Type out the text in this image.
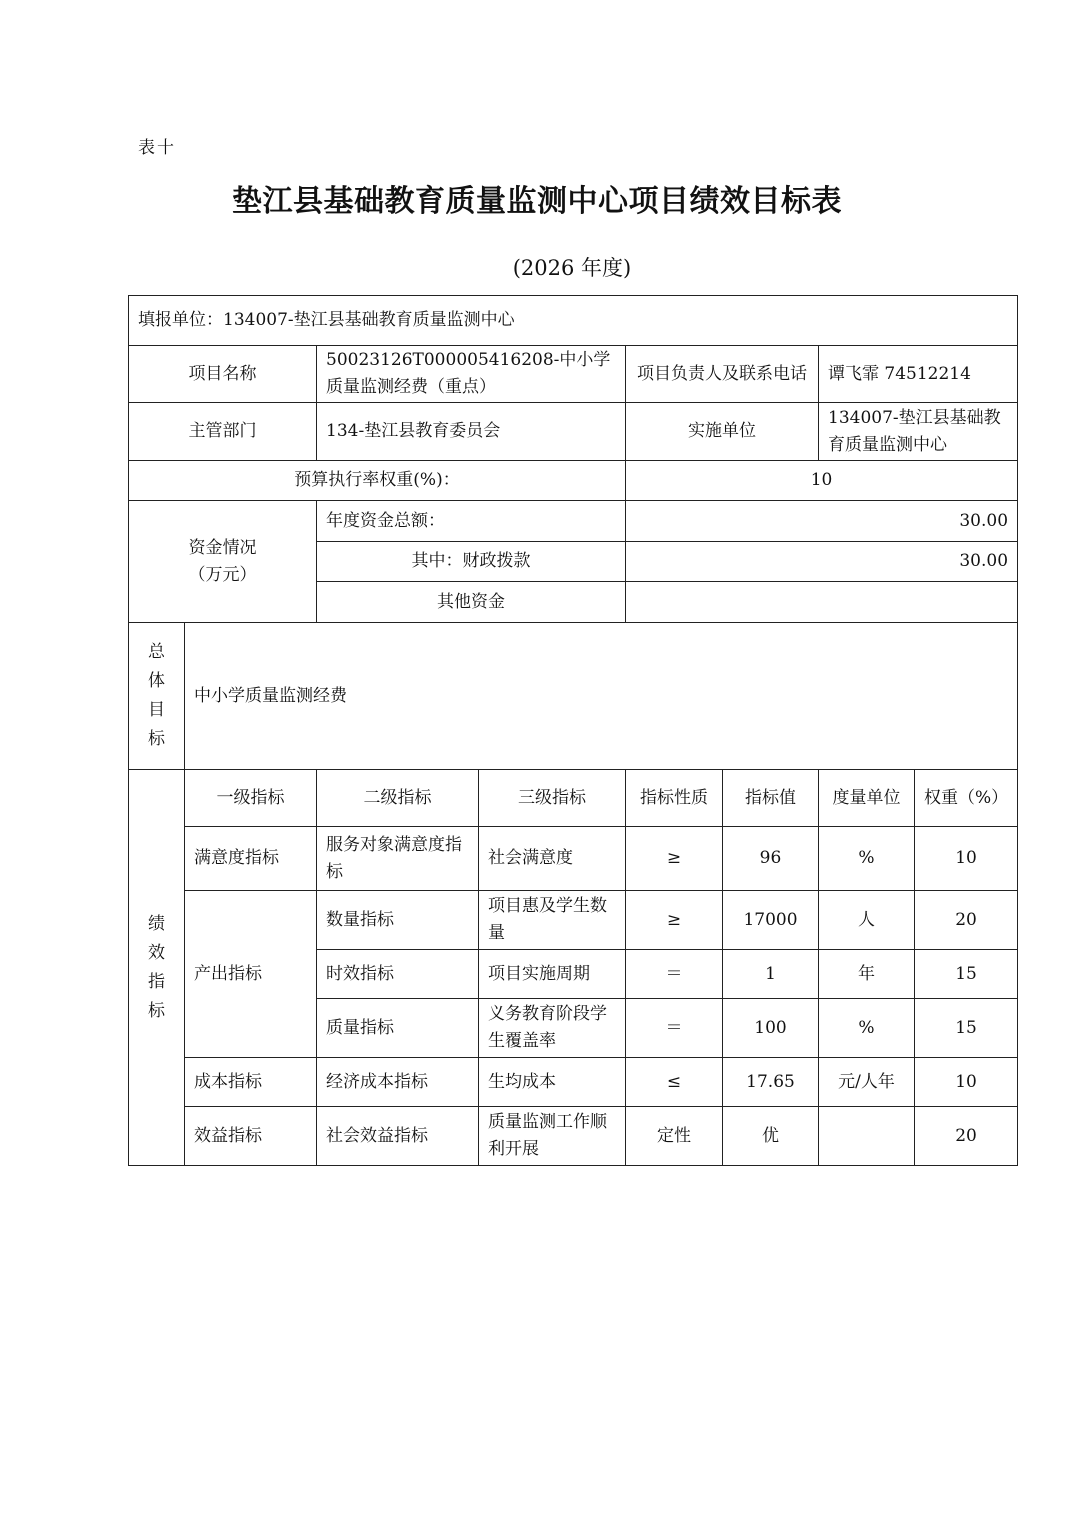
表十
垫江县基础教育质量监测中心项目绩效目标表
(2026 年度)
填报单位：134007-垫江县基础教育质量监测中心							
项目名称		50023126T000005416208-中小学质量监测经费（重点）		项目负责人及联系电话		谭飞霏 74512214	
主管部门		134-垫江县教育委员会		实施单位		134007-垫江县基础教育质量监测中心	
预算执行率权重(%)：				10			

资金情况
（万元）		年度资金总额：		30.00			
		其中：财政拨款		30.00			
		其他资金					

总
体
目
标	中小学质量监测经费						

绩
效
指
标	一级指标	二级指标	三级指标	指标性质	指标值	度量单位	权重（%）
	满意度指标	服务对象满意度指标	社会满意度	≥	96	%	10
	产出指标	数量指标	项目惠及学生数量	≥	17000	人	20
		时效指标	项目实施周期	＝	1	年	15
		质量指标	义务教育阶段学生覆盖率	＝	100	%	15
	成本指标	经济成本指标	生均成本	≤	17.65	元/人年	10
	效益指标	社会效益指标	质量监测工作顺利开展	定性	优		20
